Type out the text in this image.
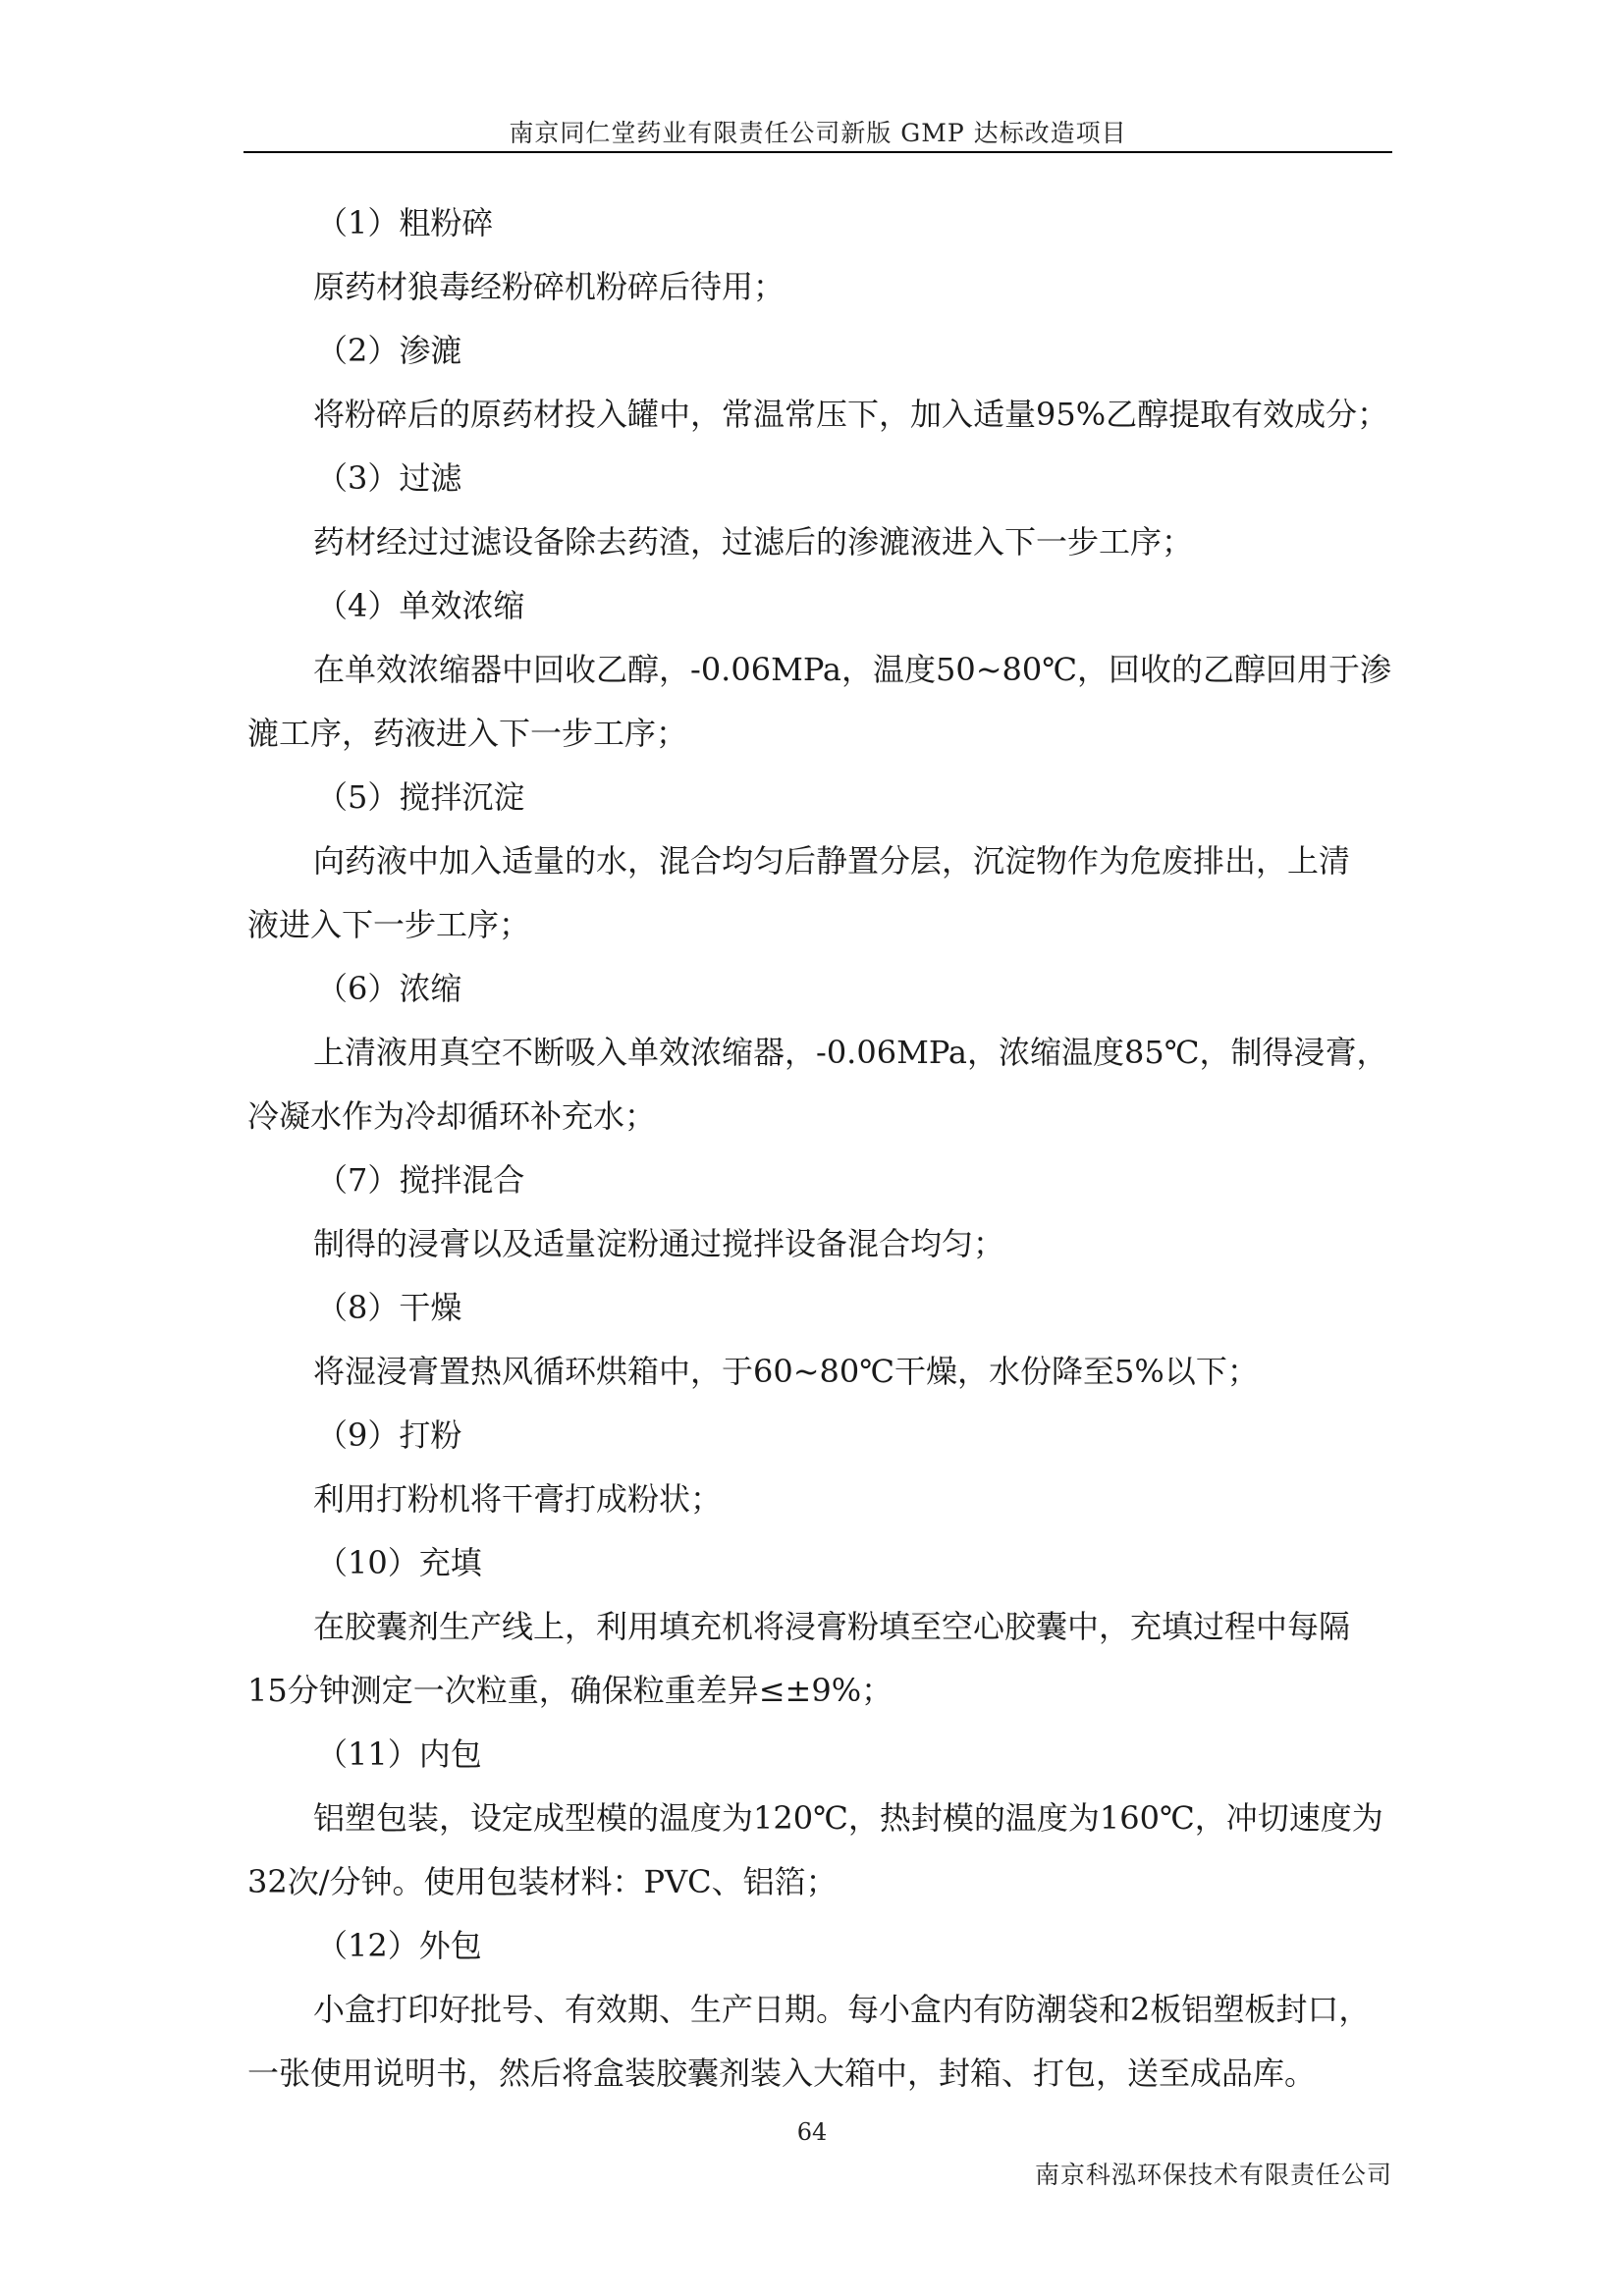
南京同仁堂药业有限责任公司新版 GMP 达标改造项目
（1）粗粉碎
原药材狼毒经粉碎机粉碎后待用；
（2）渗漉
将粉碎后的原药材投入罐中，常温常压下，加入适量95%乙醇提取有效成分；
（3）过滤
药材经过过滤设备除去药渣，过滤后的渗漉液进入下一步工序；
（4）单效浓缩
在单效浓缩器中回收乙醇，-0.06MPa，温度50~80℃，回收的乙醇回用于渗
漉工序，药液进入下一步工序；
（5）搅拌沉淀
向药液中加入适量的水，混合均匀后静置分层，沉淀物作为危废排出，上清
液进入下一步工序；
（6）浓缩
上清液用真空不断吸入单效浓缩器，-0.06MPa，浓缩温度85℃，制得浸膏，
冷凝水作为冷却循环补充水；
（7）搅拌混合
制得的浸膏以及适量淀粉通过搅拌设备混合均匀；
（8）干燥
将湿浸膏置热风循环烘箱中，于60~80℃干燥，水份降至5%以下；
（9）打粉
利用打粉机将干膏打成粉状；
（10）充填
在胶囊剂生产线上，利用填充机将浸膏粉填至空心胶囊中，充填过程中每隔
15分钟测定一次粒重，确保粒重差异≤±9%；
（11）内包
铝塑包装，设定成型模的温度为120℃，热封模的温度为160℃，冲切速度为
32次/分钟。使用包装材料：PVC、铝箔；
（12）外包
小盒打印好批号、有效期、生产日期。每小盒内有防潮袋和2板铝塑板封口，
一张使用说明书，然后将盒装胶囊剂装入大箱中，封箱、打包，送至成品库。
64
南京科泓环保技术有限责任公司
